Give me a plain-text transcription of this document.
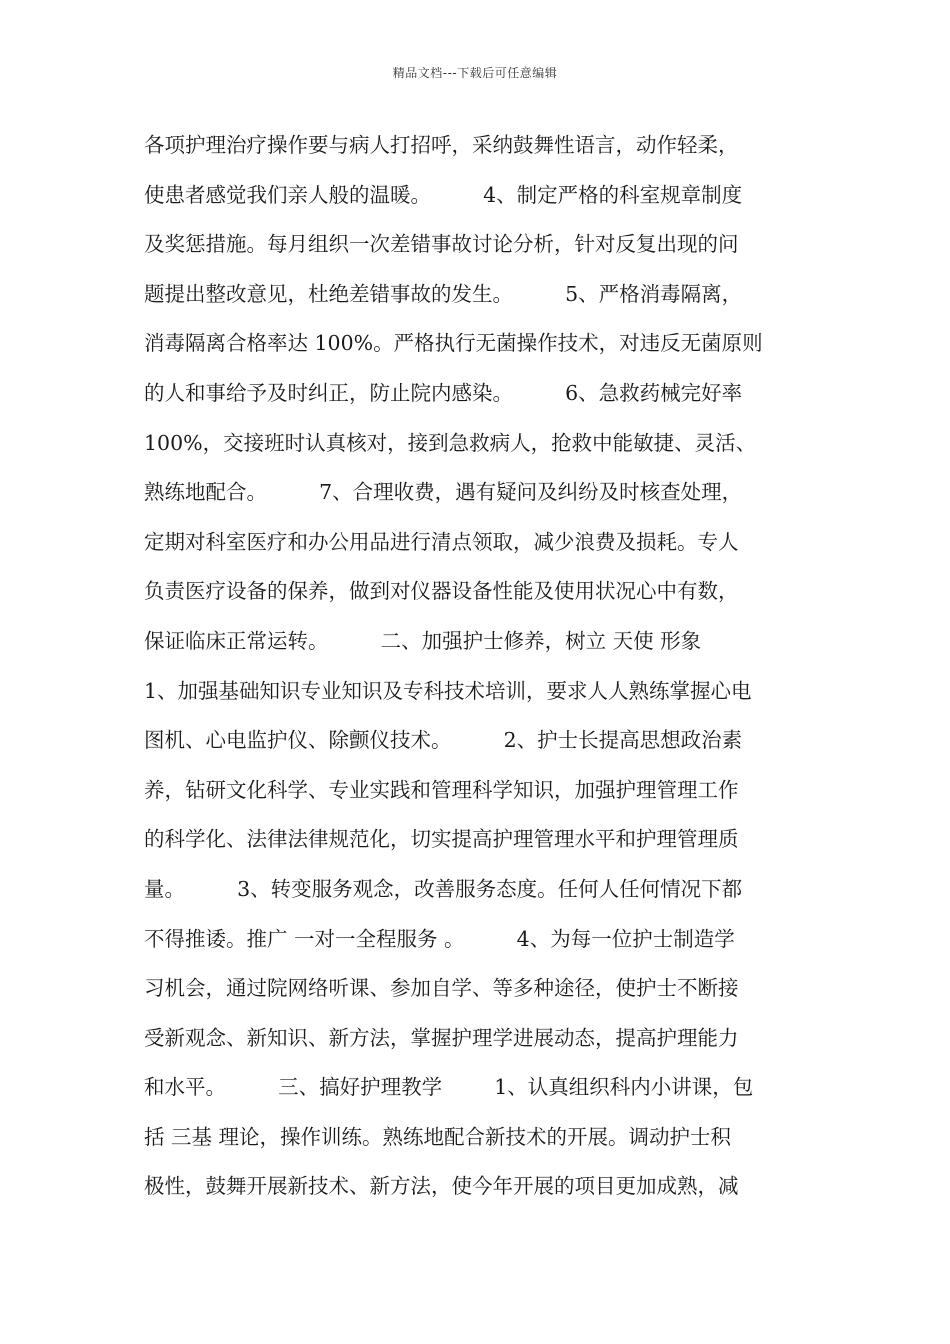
精品文档---下载后可任意编辑
各项护理治疗操作要与病人打招呼，采纳鼓舞性语言，动作轻柔，
使患者感觉我们亲人般的温暖。        4、制定严格的科室规章制度
及奖惩措施。每月组织一次差错事故讨论分析，针对反复出现的问
题提出整改意见，杜绝差错事故的发生。        5、严格消毒隔离，
消毒隔离合格率达 100%。严格执行无菌操作技术，对违反无菌原则
的人和事给予及时纠正，防止院内感染。        6、急救药械完好率
100%，交接班时认真核对，接到急救病人，抢救中能敏捷、灵活、
熟练地配合。        7、合理收费，遇有疑问及纠纷及时核查处理，
定期对科室医疗和办公用品进行清点领取，减少浪费及损耗。专人
负责医疗设备的保养，做到对仪器设备性能及使用状况心中有数，
保证临床正常运转。        二、加强护士修养，树立 天使 形象
1、加强基础知识专业知识及专科技术培训，要求人人熟练掌握心电
图机、心电监护仪、除颤仪技术。        2、护士长提高思想政治素
养，钻研文化科学、专业实践和管理科学知识，加强护理管理工作
的科学化、法律法律规范化，切实提高护理管理水平和护理管理质
量。        3、转变服务观念，改善服务态度。任何人任何情况下都
不得推诿。推广 一对一全程服务 。        4、为每一位护士制造学
习机会，通过院网络听课、参加自学、等多种途径，使护士不断接
受新观念、新知识、新方法，掌握护理学进展动态，提高护理能力
和水平。        三、搞好护理教学        1、认真组织科内小讲课，包
括 三基 理论，操作训练。熟练地配合新技术的开展。调动护士积
极性，鼓舞开展新技术、新方法，使今年开展的项目更加成熟，减
